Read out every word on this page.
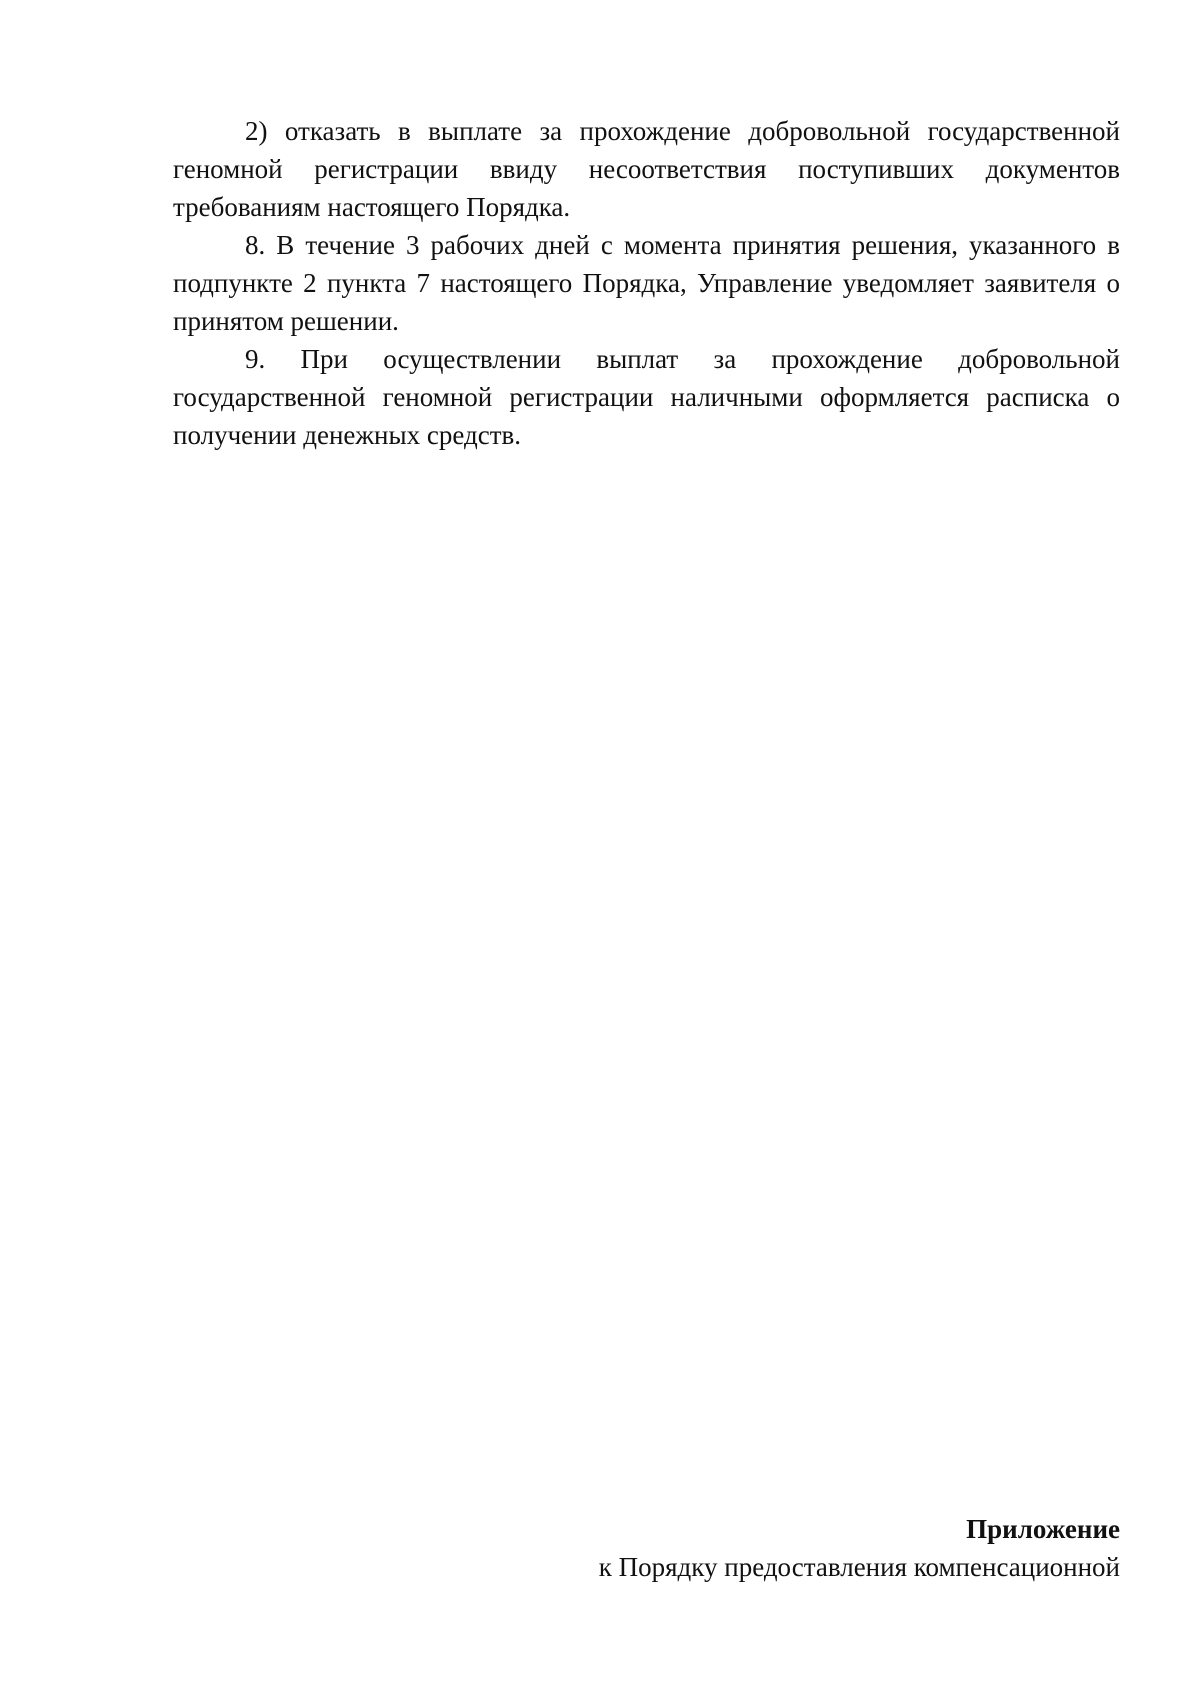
2) отказать в выплате за прохождение добровольной государственной геномной регистрации ввиду несоответствия поступивших документов требованиям настоящего Порядка.

8. В течение 3 рабочих дней с момента принятия решения, указанного в подпункте 2 пункта 7 настоящего Порядка, Управление уведомляет заявителя о принятом решении.

9. При осуществлении выплат за прохождение добровольной государственной геномной регистрации наличными оформляется расписка о получении денежных средств.

Приложение

к Порядку предоставления компенсационной
